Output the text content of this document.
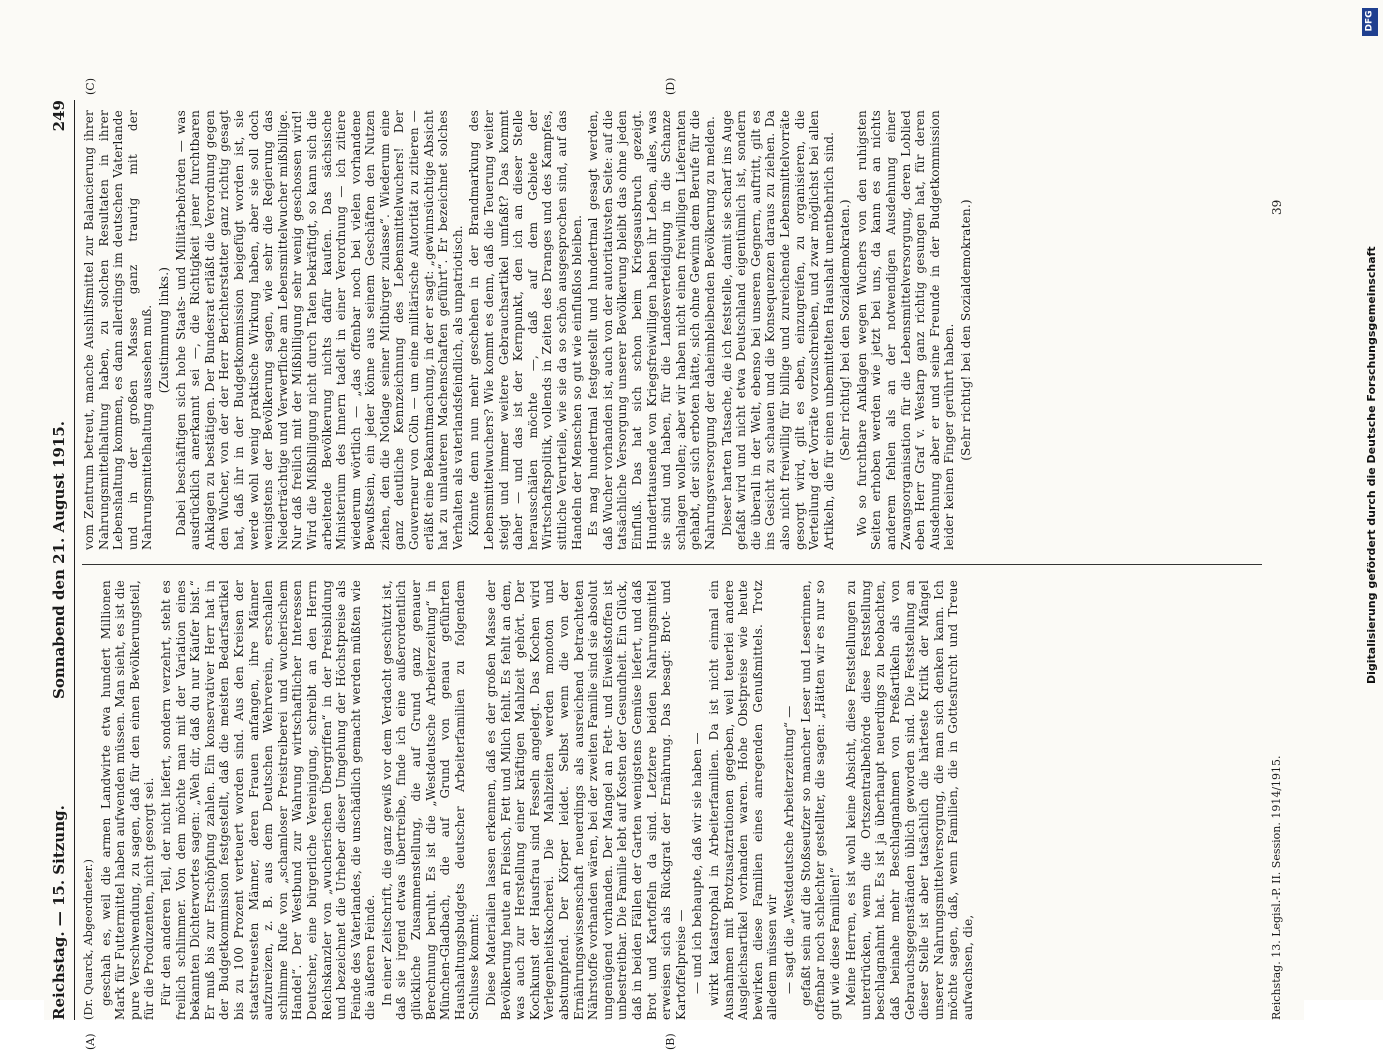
Reichstag. — 15. Sitzung.
Sonnabend den 21. August 1915.
249

(Dr. Quarck, Abgeordneter.) geschah es, weil die armen Landwirte etwa hundert Millionen Mark für Futtermittel haben aufwenden müssen. Man sieht, es ist die pure Verschwendung, zu sagen, daß für den einen Bevölkerungsteil, für die Produzenten, nicht gesorgt sei. Für den anderen Teil, der nicht liefert, sondern verzehrt, steht es freilich schlimmer. Von dem möchte man mit der Variation eines bekannten Dichterwortes sagen: „Weh dir, daß du nur Käufer bist.“ Er muß bis zur Erschöpfung zahlen. Ein konservativer Herr hat in der Budgetkommission festgestellt, daß die meisten Bedarfsartikel bis zu 100 Prozent verteuert worden sind. Aus den Kreisen der staatstreuesten Männer, deren Frauen anfangen, ihre Männer aufzureizen, z. B. aus dem Deutschen Wehrverein, erschallen schlimme Rufe von „schamloser Preistreiberei und wucherischem Handel“. Der Westbund zur Wahrung wirtschaftlicher Interessen Deutscher, eine bürgerliche Vereinigung, schreibt an den Herrn Reichskanzler von „wucherischen Übergriffen“ in der Preisbildung und bezeichnet die Urheber dieser Umgehung der Höchstpreise als Feinde des Vaterlandes, die unschädlich gemacht werden müßten wie die äußeren Feinde. In einer Zeitschrift, die ganz gewiß vor dem Verdacht geschützt ist, daß sie irgend etwas übertreibe, finde ich eine außerordentlich glückliche Zusammenstellung, die auf Grund ganz genauer Berechnung beruht. Es ist die „Westdeutsche Arbeiterzeitung“ in München-Gladbach, die auf Grund von genau geführten Haushaltungsbudgets deutscher Arbeiterfamilien zu folgendem Schlusse kommt: Diese Materialien lassen erkennen, daß es der großen Masse der Bevölkerung heute an Fleisch, Fett und Milch fehlt. Es fehlt an dem, was auch zur Herstellung einer kräftigen Mahlzeit gehört. Der Kochkunst der Hausfrau sind Fesseln angelegt. Das Kochen wird Verlegenheitskocherei. Die Mahlzeiten werden monoton und abstumpfend. Der Körper leidet. Selbst wenn die von der Ernährungswissenschaft neuerdings als ausreichend betrachteten Nährstoffe vorhanden wären, bei der zweiten Familie sind sie absolut ungenügend vorhanden. Der Mangel an Fett- und Eiweißstoffen ist unbestreitbar. Die Familie lebt auf Kosten der Gesundheit. Ein Glück, daß in beiden Fällen der Garten wenigstens Gemüse liefert, und daß Brot und Kartoffeln da sind. Letztere beiden Nahrungsmittel erweisen sich als Rückgrat der Ernährung. Das besagt: Brot- und Kartoffelpreise — — und ich behaupte, daß wir sie haben — wirkt katastrophal in Arbeiterfamilien. Da ist nicht einmal ein Ausnahmen mit Brotzusatzrationen gegeben, weil teuerlei andere Ausgleichsartikel vorhanden waren. Hohe Obstpreise wie heute bewirken diese Familien eines anregenden Genußmittels. Trotz alledem müssen wir — sagt die „Westdeutsche Arbeiterzeitung“ — gefaßt sein auf die Stoßseufzer so mancher Leser und Leserinnen, offenbar noch schlechter gestellter, die sagen: „Hätten wir es nur so gut wie diese Familien!“ Meine Herren, es ist wohl keine Absicht, diese Feststellungen zu unterdrücken, wenn die Ortszentralbehörde diese Feststellung beschlagnahmt hat. Es ist ja überhaupt neuerdings zu beobachten, daß beinahe mehr Beschlagnahmen von Preßartikeln als von Gebrauchsgegenständen üblich geworden sind. Die Feststellung an dieser Stelle ist aber tatsächlich die härteste Kritik der Mängel unserer Nahrungsmittelversorgung, die man sich denken kann. Ich möchte sagen, daß, wenn Familien, die in Gottesfurcht und Treue aufwachsen, die,

vom Zentrum betreut, manche Aushilfsmittel zur Balancierung ihrer Nahrungsmittelhaltung haben, zu solchen Resultaten in ihrer Lebenshaltung kommen, es dann allerdings im deutschen Vaterlande und in der großen Masse ganz traurig mit der Nahrungsmittelhaltung aussehen muß. (Zustimmung links.) Dabei beschäftigen sich hohe Staats- und Militärbehörden — was ausdrücklich anerkannt sei —, die Richtigkeit jener furchtbaren Anklagen zu bestätigen. Der Bundesrat erläßt die Verordnung gegen den Wucher, von der der Herr Berichterstatter ganz richtig gesagt hat, daß ihr in der Budgetkommission beigefügt worden ist, sie werde wohl wenig praktische Wirkung haben, aber sie soll doch wenigstens der Bevölkerung sagen, wie sehr die Regierung das Niederträchtige und Verwerfliche am Lebensmittelwucher mißbillige. Nur daß freilich mit der Mißbilligung sehr wenig geschossen wird! Wird die Mißbilligung nicht durch Taten bekräftigt, so kann sich die arbeitende Bevölkerung nichts dafür kaufen. Das sächsische Ministerium des Innern tadelt in einer Verordnung — ich zitiere wiederum wörtlich — „das offenbar noch bei vielen vorhandene Bewußtsein, ein jeder könne aus seinem Geschäften den Nutzen ziehen, den die Notlage seiner Mitbürger zulasse“. Wiederum eine ganz deutliche Kennzeichnung des Lebensmittelwuchers! Der Gouverneur von Cöln — um eine militärische Autorität zu zitieren — erläßt eine Bekanntmachung, in der er sagt: „gewinnsüchtige Absicht hat zu unlauteren Machenschaften geführt“. Er bezeichnet solches Verhalten als vaterlandsfeindlich, als unpatriotisch. Könnte denn nun mehr geschehen in der Brandmarkung des Lebensmittelwuchers? Wie kommt es denn, daß die Teuerung weiter steigt und immer weitere Gebrauchsartikel umfaßt? Das kommt daher — und das ist der Kernpunkt, den ich an dieser Stelle herausschälen möchte —, daß auf dem Gebiete der Wirtschaftspolitik, vollends in Zeiten des Dranges und des Kampfes, sittliche Verurteile, wie sie da so schön ausgesprochen sind, auf das Handeln der Menschen so gut wie einflußlos bleiben. Es mag hundertmal festgestellt und hundertmal gesagt werden, daß Wucher vorhanden ist, auch von der autoritativsten Seite: auf die tatsächliche Versorgung unserer Bevölkerung bleibt das ohne jeden Einfluß. Das hat sich schon beim Kriegsausbruch gezeigt. Hunderttausende von Kriegsfreiwilligen haben ihr Leben, alles, was sie sind und haben, für die Landesverteidigung in die Schanze schlagen wollen; aber wir haben nicht einen freiwilligen Lieferanten gehabt, der sich erboten hätte, sich ohne Gewinn dem Berufe für die Nahrungsversorgung der daheimbleibenden Bevölkerung zu melden. Dieser harten Tatsache, die ich feststelle, damit sie scharf ins Auge gefaßt wird und nicht etwa Deutschland eigentümlich ist, sondern die überall in der Welt, ebenso bei unseren Gegnern, auftritt, gilt es ins Gesicht zu schauen und die Konsequenzen daraus zu ziehen. Da also nicht freiwillig für billige und zureichende Lebensmittelvorräte gesorgt wird, gilt es eben, einzugreifen, zu organisieren, die Verteilung der Vorräte vorzuschreiben, und zwar möglichst bei allen Artikeln, die für einen unbemittelten Haushalt unentbehrlich sind. (Sehr richtig! bei den Sozialdemokraten.) Wo so furchtbare Anklagen wegen Wuchers von den ruhigsten Seiten erhoben werden wie jetzt bei uns, da kann es an nichts anderem fehlen als an der notwendigen Ausdehnung einer Zwangsorganisation für die Lebensmittelversorgung, deren Loblied eben Herr Graf v. Westarp ganz richtig gesungen hat, für deren Ausdehnung aber er und seine Freunde in der Budgetkommission leider keinen Finger gerührt haben. (Sehr richtig! bei den Sozialdemokraten.)

(A)	(B)
(C)	(D)
Reichstag. 13. Legisl.-P. II. Session. 1914/1915.
39
DFG
Digitalisierung gefördert durch die Deutsche Forschungsgemeinschaft
